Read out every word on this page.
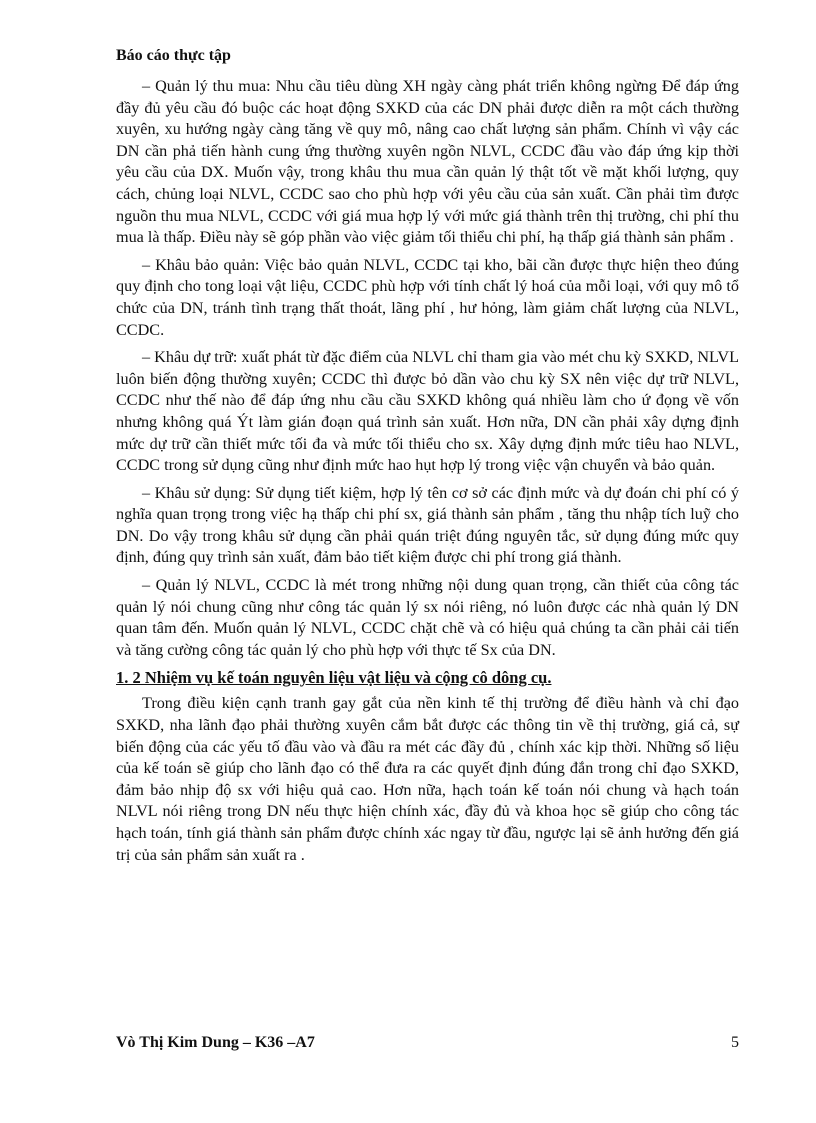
Báo cáo thực tập

– Quản lý thu mua: Nhu cầu tiêu dùng XH ngày càng phát triển không ngừng Để đáp ứng đầy đủ yêu cầu đó buộc các hoạt động SXKD của các DN phải được diễn ra một cách thường xuyên, xu hướng ngày càng tăng về quy mô, nâng cao chất lượng sản phẩm. Chính vì vậy các DN cần phả tiến hành cung ứng thường xuyên ngồn NLVL, CCDC đầu vào đáp ứng kịp thời yêu cầu của DX. Muốn vậy, trong khâu thu mua cần quản lý thật tốt về mặt khối lượng, quy cách, chủng loại NLVL, CCDC sao cho phù hợp với yêu cầu của sản xuất. Cần phải tìm được nguồn thu mua NLVL, CCDC với giá mua hợp lý với mức giá thành trên thị trường, chi phí thu mua là thấp. Điều này sẽ góp phần vào việc giảm tối thiểu chi phí, hạ thấp giá thành sản phẩm .

– Khâu bảo quản: Việc bảo quản NLVL, CCDC tại kho, bãi cần được thực hiện theo đúng quy định cho tong loại vật liệu, CCDC phù hợp với tính chất lý hoá của mỗi loại, với quy mô tổ chức của DN, tránh tình trạng thất thoát, lãng phí , hư hỏng, làm giảm chất lượng của NLVL, CCDC.

– Khâu dự trữ: xuất phát từ đặc điểm của NLVL chỉ tham gia vào mét chu kỳ SXKD, NLVL luôn biến động thường xuyên; CCDC thì được bỏ dần vào chu kỳ SX nên việc dự trữ NLVL, CCDC như thế nào để đáp ứng nhu cầu cầu SXKD không quá nhiều làm cho ứ đọng về vốn nhưng không quá Ýt làm gián đoạn quá trình sản xuất. Hơn nữa, DN cần phải xây dựng định mức dự trữ cần thiết mức tối đa và mức tối thiểu cho sx. Xây dựng định mức tiêu hao NLVL, CCDC trong sử dụng cũng như định mức hao hụt hợp lý trong việc vận chuyển và bảo quản.

– Khâu sử dụng: Sử dụng tiết kiệm, hợp lý tên cơ sở các định mức và dự đoán chi phí có ý nghĩa quan trọng trong việc hạ thấp chi phí sx, giá thành sản phẩm , tăng thu nhập tích luỹ cho DN. Do vậy trong khâu sử dụng cần phải quán triệt đúng nguyên tắc, sử dụng đúng mức quy định, đúng quy trình sản xuất, đảm bảo tiết kiệm được chi phí trong giá thành.

– Quản lý NLVL, CCDC là mét trong những nội dung quan trọng, cần thiết của công tác quản lý nói chung cũng như công tác quản lý sx nói riêng, nó luôn được các nhà quản lý DN quan tâm đến. Muốn quản lý NLVL, CCDC chặt chẽ và có hiệu quả chúng ta cần phải cải tiến và tăng cường công tác quản lý cho phù hợp với thực tế Sx của DN.

1. 2 Nhiệm vụ kế toán nguyên liệu vật liệu và cộng cô dông cụ.

Trong điều kiện cạnh tranh gay gắt của nền kinh tế thị trường để điều hành và chỉ đạo SXKD, nha lãnh đạo phải thường xuyên cắm bắt được các thông tin về thị trường, giá cả, sự biến động của các yếu tố đầu vào và đầu ra mét các đầy đủ , chính xác kịp thời. Những số liệu của kế toán sẽ giúp cho lãnh đạo có thể đưa ra các quyết định đúng đắn trong chỉ đạo SXKD, đảm bảo nhịp độ sx với hiệu quả cao. Hơn nữa, hạch toán kế toán nói chung và hạch toán NLVL nói riêng trong DN nếu thực hiện chính xác, đầy đủ và khoa học sẽ giúp cho công tác hạch toán, tính giá thành sản phẩm được chính xác ngay từ đầu, ngược lại sẽ ảnh hưởng đến giá trị của sản phẩm sản xuất ra .

Vò Thị Kim Dung – K36 –A7	5
